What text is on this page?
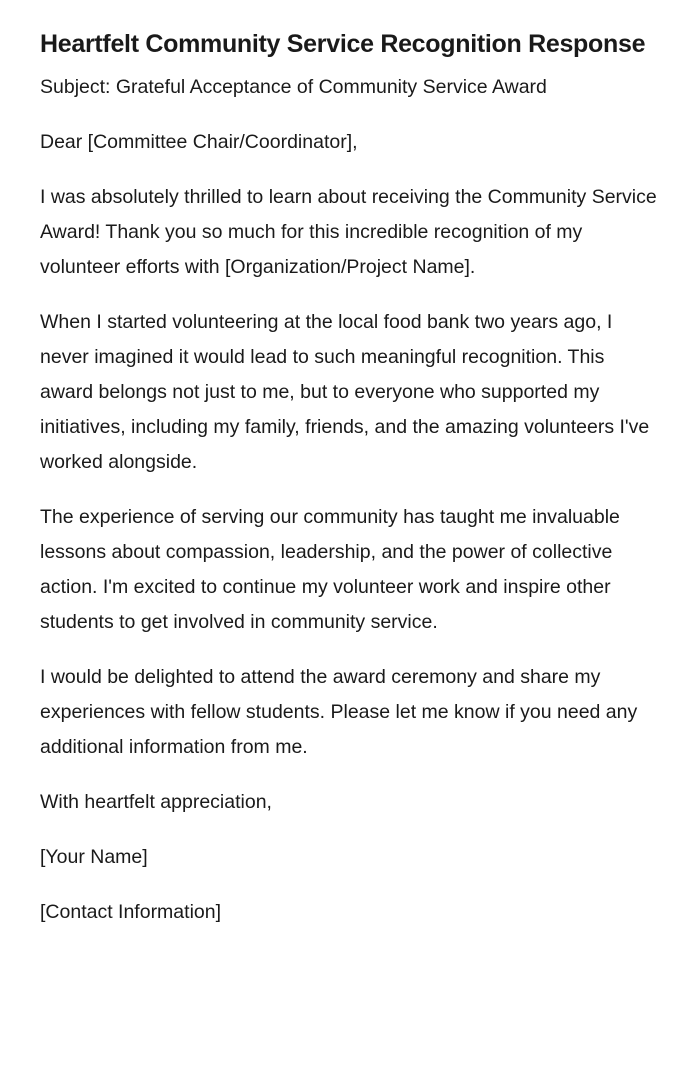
Heartfelt Community Service Recognition Response

Subject: Grateful Acceptance of Community Service Award

Dear [Committee Chair/Coordinator],

I was absolutely thrilled to learn about receiving the Community Service Award! Thank you so much for this incredible recognition of my volunteer efforts with [Organization/Project Name].

When I started volunteering at the local food bank two years ago, I never imagined it would lead to such meaningful recognition. This award belongs not just to me, but to everyone who supported my initiatives, including my family, friends, and the amazing volunteers I've worked alongside.

The experience of serving our community has taught me invaluable lessons about compassion, leadership, and the power of collective action. I'm excited to continue my volunteer work and inspire other students to get involved in community service.

I would be delighted to attend the award ceremony and share my experiences with fellow students. Please let me know if you need any additional information from me.

With heartfelt appreciation,

[Your Name]

[Contact Information]
